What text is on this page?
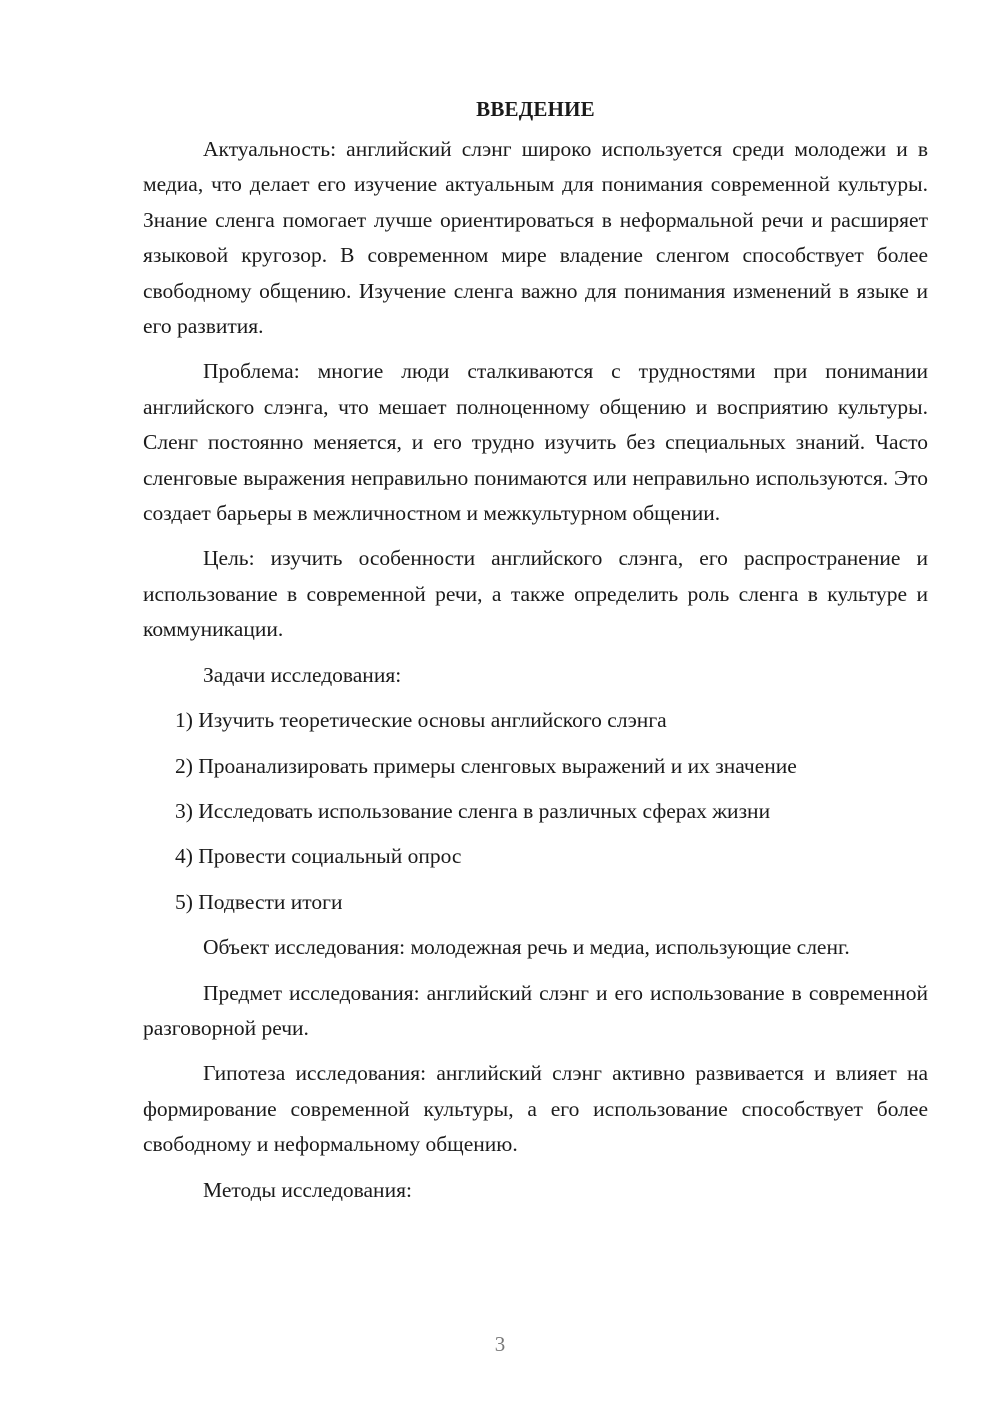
ВВЕДЕНИЕ

Актуальность: английский слэнг широко используется среди молодежи и в медиа, что делает его изучение актуальным для понимания современной культуры. Знание сленга помогает лучше ориентироваться в неформальной речи и расширяет языковой кругозор. В современном мире владение сленгом способствует более свободному общению. Изучение сленга важно для понимания изменений в языке и его развития.

Проблема: многие люди сталкиваются с трудностями при понимании английского слэнга, что мешает полноценному общению и восприятию культуры. Сленг постоянно меняется, и его трудно изучить без специальных знаний. Часто сленговые выражения неправильно понимаются или неправильно используются. Это создает барьеры в межличностном и межкультурном общении.

Цель: изучить особенности английского слэнга, его распространение и использование в современной речи, а также определить роль сленга в культуре и коммуникации.

Задачи исследования:

1) Изучить теоретические основы английского слэнга
2) Проанализировать примеры сленговых выражений и их значение
3) Исследовать использование сленга в различных сферах жизни
4) Провести социальный опрос
5) Подвести итоги

Объект исследования: молодежная речь и медиа, использующие сленг.

Предмет исследования: английский слэнг и его использование в современной разговорной речи.

Гипотеза исследования: английский слэнг активно развивается и влияет на формирование современной культуры, а его использование способствует более свободному и неформальному общению.

Методы исследования:

3
